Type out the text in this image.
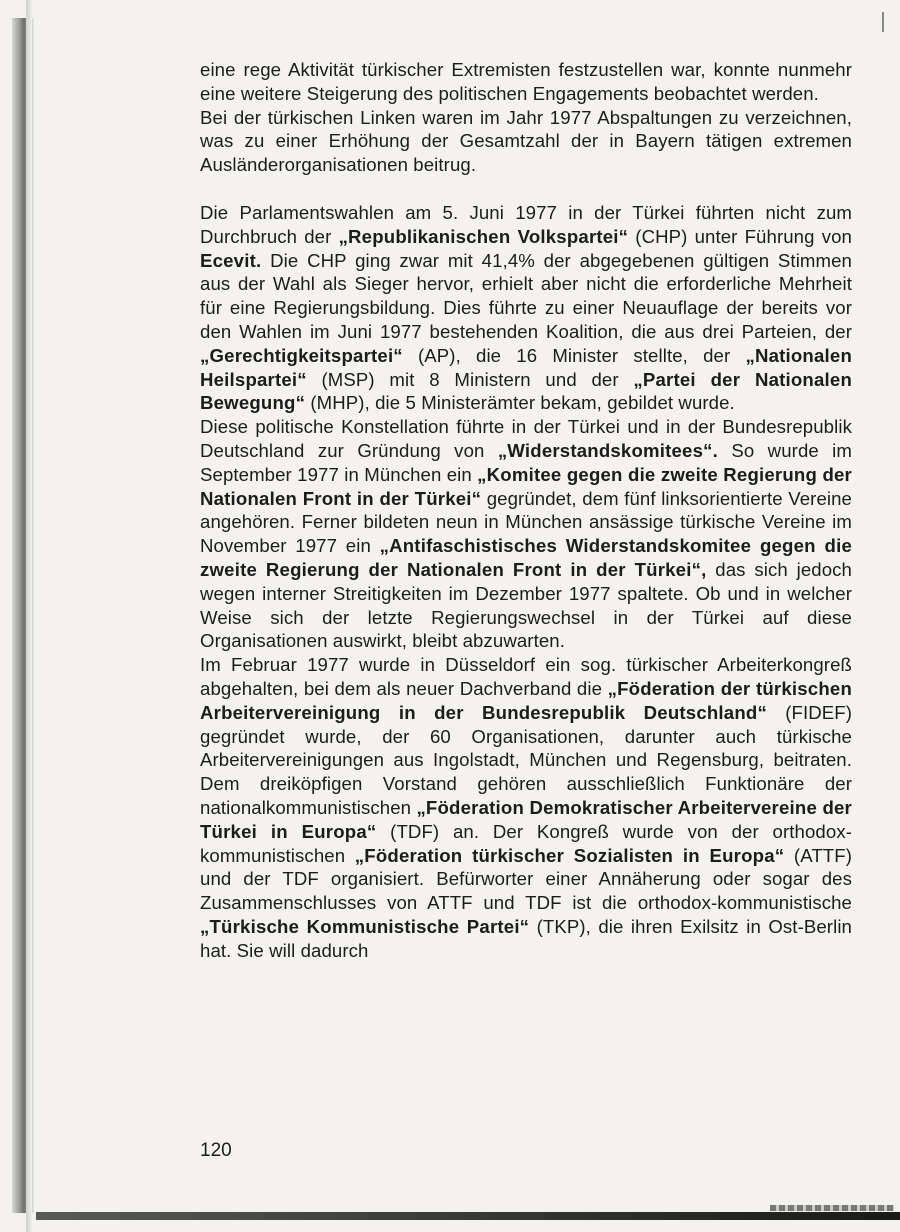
eine rege Aktivität türkischer Extremisten festzustellen war, konnte nunmehr eine weitere Steigerung des politischen Engagements beobachtet werden.

Bei der türkischen Linken waren im Jahr 1977 Abspaltungen zu verzeichnen, was zu einer Erhöhung der Gesamtzahl der in Bayern tätigen extremen Ausländerorganisationen beitrug.

Die Parlamentswahlen am 5. Juni 1977 in der Türkei führten nicht zum Durchbruch der „Republikanischen Volkspartei“ (CHP) unter Führung von Ecevit. Die CHP ging zwar mit 41,4% der abgegebenen gültigen Stimmen aus der Wahl als Sieger hervor, erhielt aber nicht die erforderliche Mehrheit für eine Regierungsbildung. Dies führte zu einer Neuauflage der bereits vor den Wahlen im Juni 1977 bestehenden Koalition, die aus drei Parteien, der „Gerechtigkeitspartei“ (AP), die 16 Minister stellte, der „Nationalen Heilspartei“ (MSP) mit 8 Ministern und der „Partei der Nationalen Bewegung“ (MHP), die 5 Ministerämter bekam, gebildet wurde.

Diese politische Konstellation führte in der Türkei und in der Bundesrepublik Deutschland zur Gründung von „Widerstandskomitees“. So wurde im September 1977 in München ein „Komitee gegen die zweite Regierung der Nationalen Front in der Türkei“ gegründet, dem fünf linksorientierte Vereine angehören. Ferner bildeten neun in München ansässige türkische Vereine im November 1977 ein „Antifaschistisches Widerstandskomitee gegen die zweite Regierung der Nationalen Front in der Türkei“, das sich jedoch wegen interner Streitigkeiten im Dezember 1977 spaltete. Ob und in welcher Weise sich der letzte Regierungswechsel in der Türkei auf diese Organisationen auswirkt, bleibt abzuwarten.

Im Februar 1977 wurde in Düsseldorf ein sog. türkischer Arbeiterkongreß abgehalten, bei dem als neuer Dachverband die „Föderation der türkischen Arbeitervereinigung in der Bundesrepublik Deutschland“ (FIDEF) gegründet wurde, der 60 Organisationen, darunter auch türkische Arbeitervereinigungen aus Ingolstadt, München und Regensburg, beitraten. Dem dreiköpfigen Vorstand gehören ausschließlich Funktionäre der nationalkommunistischen „Föderation Demokratischer Arbeitervereine der Türkei in Europa“ (TDF) an. Der Kongreß wurde von der orthodox-kommunistischen „Föderation türkischer Sozialisten in Europa“ (ATTF) und der TDF organisiert. Befürworter einer Annäherung oder sogar des Zusammenschlusses von ATTF und TDF ist die orthodox-kommunistische „Türkische Kommunistische Partei“ (TKP), die ihren Exilsitz in Ost-Berlin hat. Sie will dadurch

120
